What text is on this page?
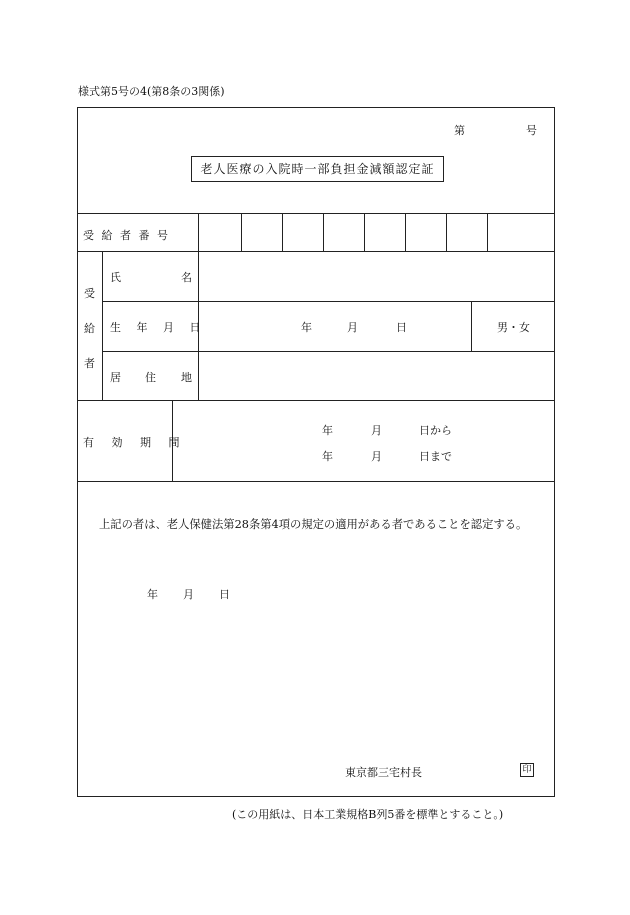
様式第5号の4(第8条の3関係)
第	号
老人医療の入院時一部負担金減額認定証
受 給 者 番 号
受
給
者
氏	名
生 年 月 日	年	月	日	男・女
居 住 地
有 効 期 間
年	月	日から
年	月	日まで
上記の者は、老人保健法第28条第4項の規定の適用がある者であることを認定する。
年 月 日
東京都三宅村長	印
(この用紙は、日本工業規格B列5番を標準とすること。)
